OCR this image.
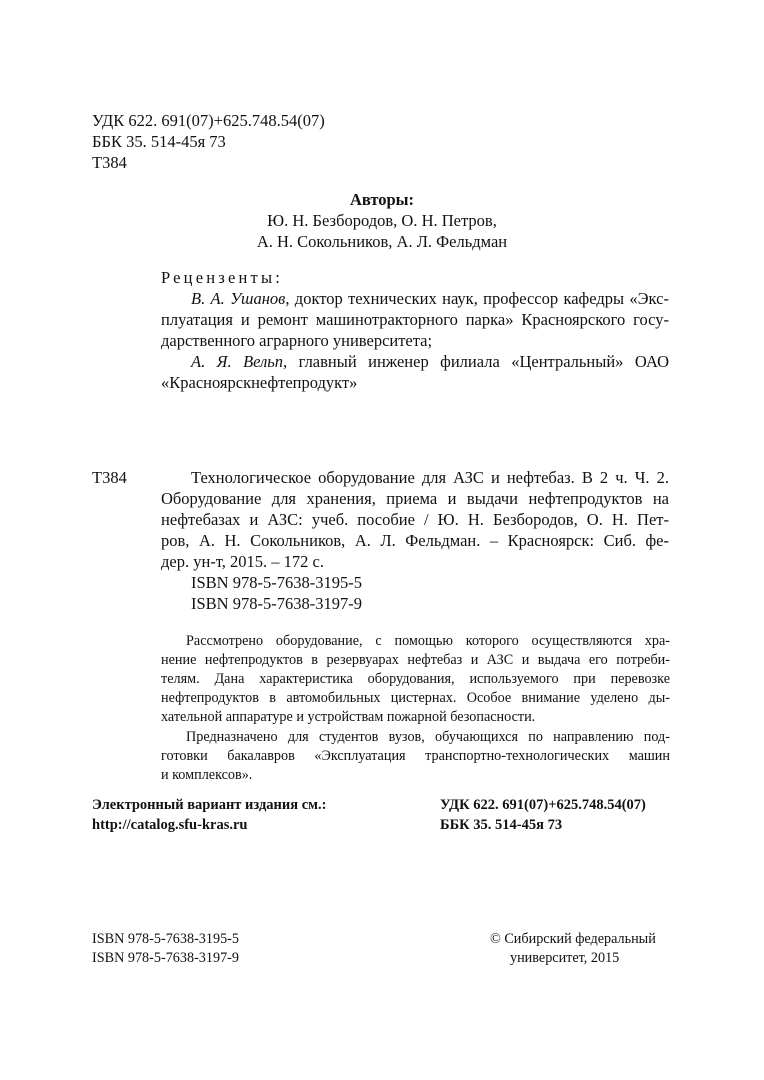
УДК 622. 691(07)+625.748.54(07)
ББК 35. 514-45я 73
Т384
Авторы:
Ю. Н. Безбородов, О. Н. Петров,
А. Н. Сокольников, А. Л. Фельдман
Рецензенты:
В. А. Ушанов, доктор технических наук, профессор кафедры «Экс-
плуатация и ремонт машинотракторного парка» Красноярского госу-
дарственного аграрного университета;
А. Я. Вельп, главный инженер филиала «Центральный» ОАО
«Красноярскнефтепродукт»
Т384	Технологическое оборудование для АЗС и нефтебаз. В 2 ч. Ч. 2.
Оборудование для хранения, приема и выдачи нефтепродуктов на
нефтебазах и АЗС: учеб. пособие / Ю. Н. Безбородов, О. Н. Пет-
ров, А. Н. Сокольников, А. Л. Фельдман. – Красноярск: Сиб. фе-
дер. ун-т, 2015. – 172 с.
ISBN 978-5-7638-3195-5
ISBN 978-5-7638-3197-9
Рассмотрено оборудование, с помощью которого осуществляются хра-
нение нефтепродуктов в резервуарах нефтебаз и АЗС и выдача его потреби-
телям. Дана характеристика оборудования, используемого при перевозке
нефтепродуктов в автомобильных цистернах. Особое внимание уделено ды-
хательной аппаратуре и устройствам пожарной безопасности.
Предназначено для студентов вузов, обучающихся по направлению под-
готовки бакалавров «Эксплуатация транспортно-технологических машин
и комплексов».
Электронный вариант издания см.:
http://catalog.sfu-kras.ru
УДК 622. 691(07)+625.748.54(07)
ББК 35. 514-45я 73
ISBN 978-5-7638-3195-5
ISBN 978-5-7638-3197-9
© Сибирский федеральный
университет, 2015
